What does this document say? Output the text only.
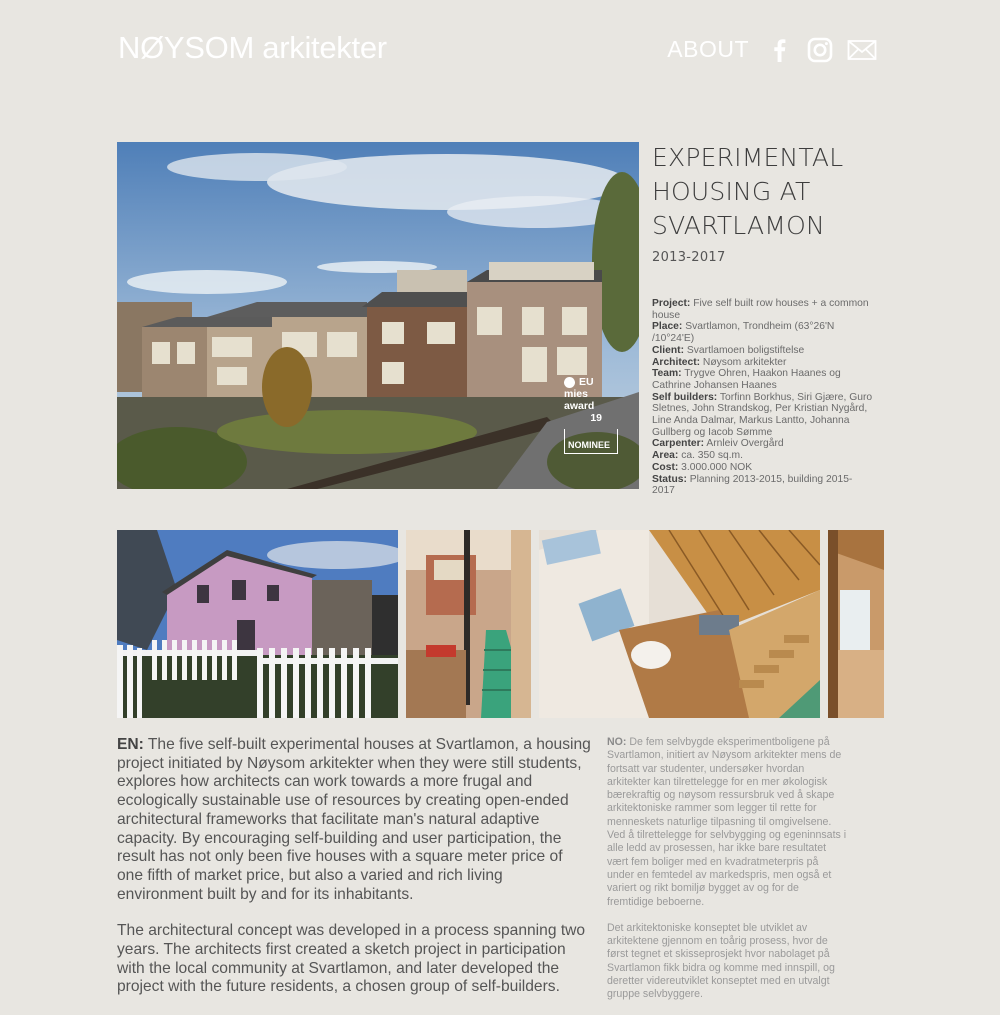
NØYSOM arkitekter	ABOUT
EU
mies
award
19
NOMINEE
EXPERIMENTAL HOUSING AT SVARTLAMON
2013-2017
Project: Five self built row houses + a common house
Place: Svartlamon, Trondheim (63°26'N /10°24'E)
Client: Svartlamoen boligstiftelse
Architect: Nøysom arkitekter
Team: Trygve Ohren, Haakon Haanes og Cathrine Johansen Haanes
Self builders: Torfinn Borkhus, Siri Gjære, Guro Sletnes, John Strandskog, Per Kristian Nygård, Line Anda Dalmar, Markus Lantto, Johanna Gullberg og Iacob Sømme
Carpenter: Arnleiv Overgård
Area: ca. 350 sq.m.
Cost: 3.000.000 NOK
Status: Planning 2013-2015, building 2015-2017

EN: The five self-built experimental houses at Svartlamon, a housing project initiated by Nøysom arkitekter when they were still students, explores how architects can work towards a more frugal and ecologically sustainable use of resources by creating open-ended architectural frameworks that facilitate man's natural adaptive capacity. By encouraging self-building and user participation, the result has not only been five houses with a square meter price of one fifth of market price, but also a varied and rich living environment built by and for its inhabitants.

The architectural concept was developed in a process spanning two years. The architects first created a sketch project in participation with the local community at Svartlamon, and later developed the project with the future residents, a chosen group of self-builders.

NO: De fem selvbygde eksperimentboligene på Svartlamon, initiert av Nøysom arkitekter mens de fortsatt var studenter, undersøker hvordan arkitekter kan tilrettelegge for en mer økologisk bærekraftig og nøysom ressursbruk ved å skape arkitektoniske rammer som legger til rette for menneskets naturlige tilpasning til omgivelsene. Ved å tilrettelegge for selvbygging og egeninnsats i alle ledd av prosessen, har ikke bare resultatet vært fem boliger med en kvadratmeterpris på under en femtedel av markedspris, men også et variert og rikt bomiljø bygget av og for de fremtidige beboerne.

Det arkitektoniske konseptet ble utviklet av arkitektene gjennom en toårig prosess, hvor de først tegnet et skisseprosjekt hvor nabolaget på Svartlamon fikk bidra og komme med innspill, og deretter videreutviklet konseptet med en utvalgt gruppe selvbyggere.
